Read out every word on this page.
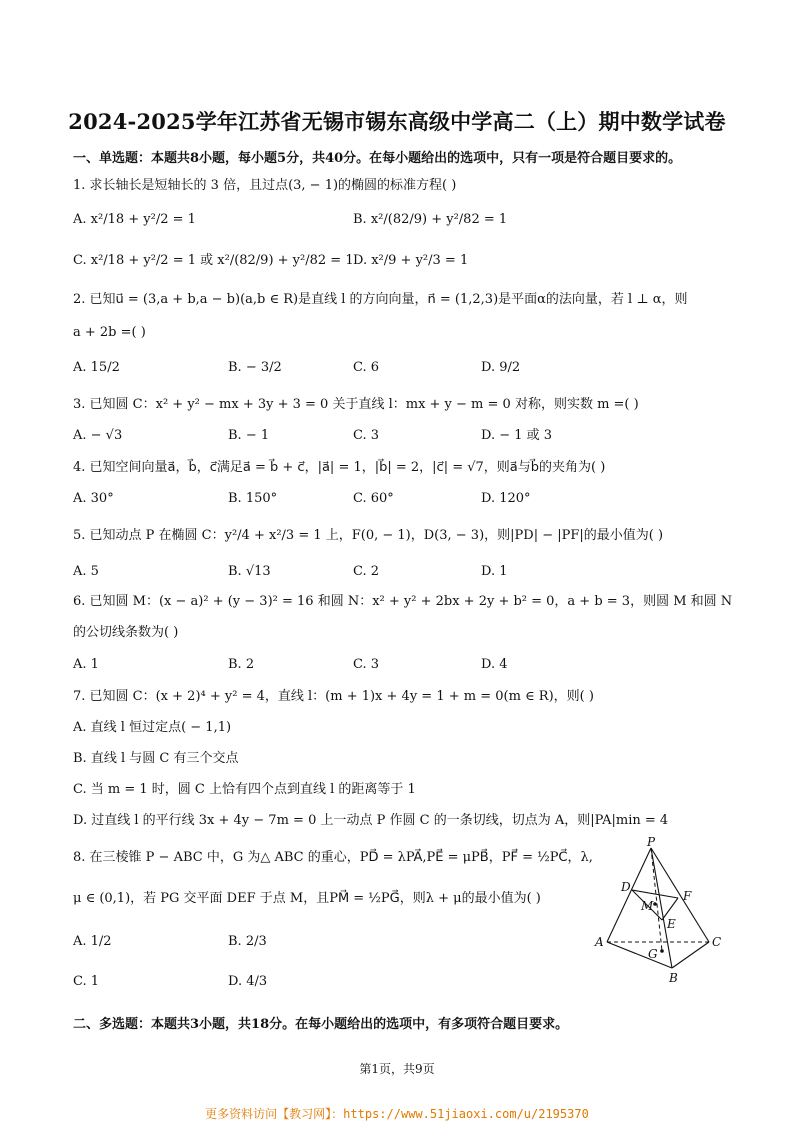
2024-2025学年江苏省无锡市锡东高级中学高二（上）期中数学试卷
一、单选题：本题共8小题，每小题5分，共40分。在每小题给出的选项中，只有一项是符合题目要求的。
1. 求长轴长是短轴长的 3 倍，且过点(3, − 1)的椭圆的标准方程( )
A. x²/18 + y²/2 = 1	B. x²/(82/9) + y²/82 = 1
C. x²/18 + y²/2 = 1 或 x²/(82/9) + y²/82 = 1 D. x²/9 + y²/3 = 1
2. 已知u⃗ = (3,a + b,a − b)(a,b ∈ R)是直线 l 的方向向量，n⃗ = (1,2,3)是平面α的法向量，若 l ⊥ α，则
a + 2b =( )
A. 15/2	B. − 3/2	C. 6	D. 9/2
3. 已知圆 C：x² + y² − mx + 3y + 3 = 0 关于直线 l：mx + y − m = 0 对称，则实数 m =( )
A. − √3	B. − 1	C. 3	D. − 1 或 3
4. 已知空间向量a⃗，b⃗，c⃗满足a⃗ = b⃗ + c⃗，|a⃗| = 1，|b⃗| = 2，|c⃗| = √7，则a⃗与b⃗的夹角为( )
A. 30°	B. 150°	C. 60°	D. 120°
5. 已知动点 P 在椭圆 C：y²/4 + x²/3 = 1 上，F(0, − 1)，D(3, − 3)，则|PD| − |PF|的最小值为( )
A. 5	B. √13	C. 2	D. 1
6. 已知圆 M：(x − a)² + (y − 3)² = 16 和圆 N：x² + y² + 2bx + 2y + b² = 0，a + b = 3，则圆 M 和圆 N
的公切线条数为( )
A. 1	B. 2	C. 3	D. 4
7. 已知圆 C：(x + 2)⁴ + y² = 4，直线 l：(m + 1)x + 4y = 1 + m = 0(m ∈ R)，则( )
A. 直线 l 恒过定点( − 1,1)
B. 直线 l 与圆 C 有三个交点
C. 当 m = 1 时，圆 C 上恰有四个点到直线 l 的距离等于 1
D. 过直线 l 的平行线 3x + 4y − 7m = 0 上一动点 P 作圆 C 的一条切线，切点为 A，则|PA|min = 4
8. 在三棱锥 P − ABC 中，G 为△ ABC 的重心，PD⃗ = λPA⃗,PE⃗ = μPB⃗，PF⃗ = ½PC⃗，λ,
μ ∈ (0,1)，若 PG 交平面 DEF 于点 M，且PM⃗ = ½PG⃗，则λ + μ的最小值为( )
A. 1/2	B. 2/3
C. 1	D. 4/3
P
D
F
M
E
A
G
C
B
二、多选题：本题共3小题，共18分。在每小题给出的选项中，有多项符合题目要求。
第1页，共9页
更多资料访问【教习网】：https://www.51jiaoxi.com/u/2195370
